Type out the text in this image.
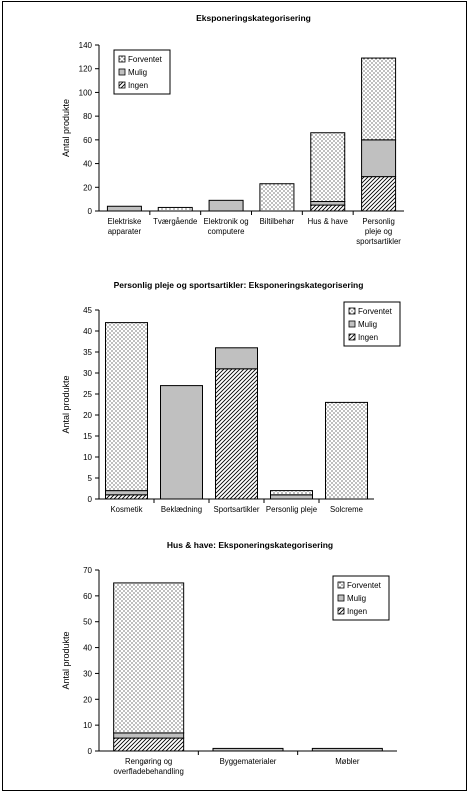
Eksponeringskategorisering
0
20
40
60
80
100
120
140
Antal produkte
Elektriske
apparater
Tværgående Elektronik og
computere
Biltilbehør Hus & have Personlig
pleje og
sportsartikler
Forventet
Mulig
Ingen
Personlig pleje og sportsartikler: Eksponeringskategorisering
0
5
10
15
20
25
30
35
40
45
Antal produkte
Kosmetik Beklædning Sportsartikler Personlig pleje Solcreme
Forventet
Mulig
Ingen
Hus & have: Eksponeringskategorisering
0
10
20
30
40
50
60
70
Antal produkte
Rengøring og
overfladebehandling
Byggematerialer	Møbler
Forventet
Mulig
Ingen
